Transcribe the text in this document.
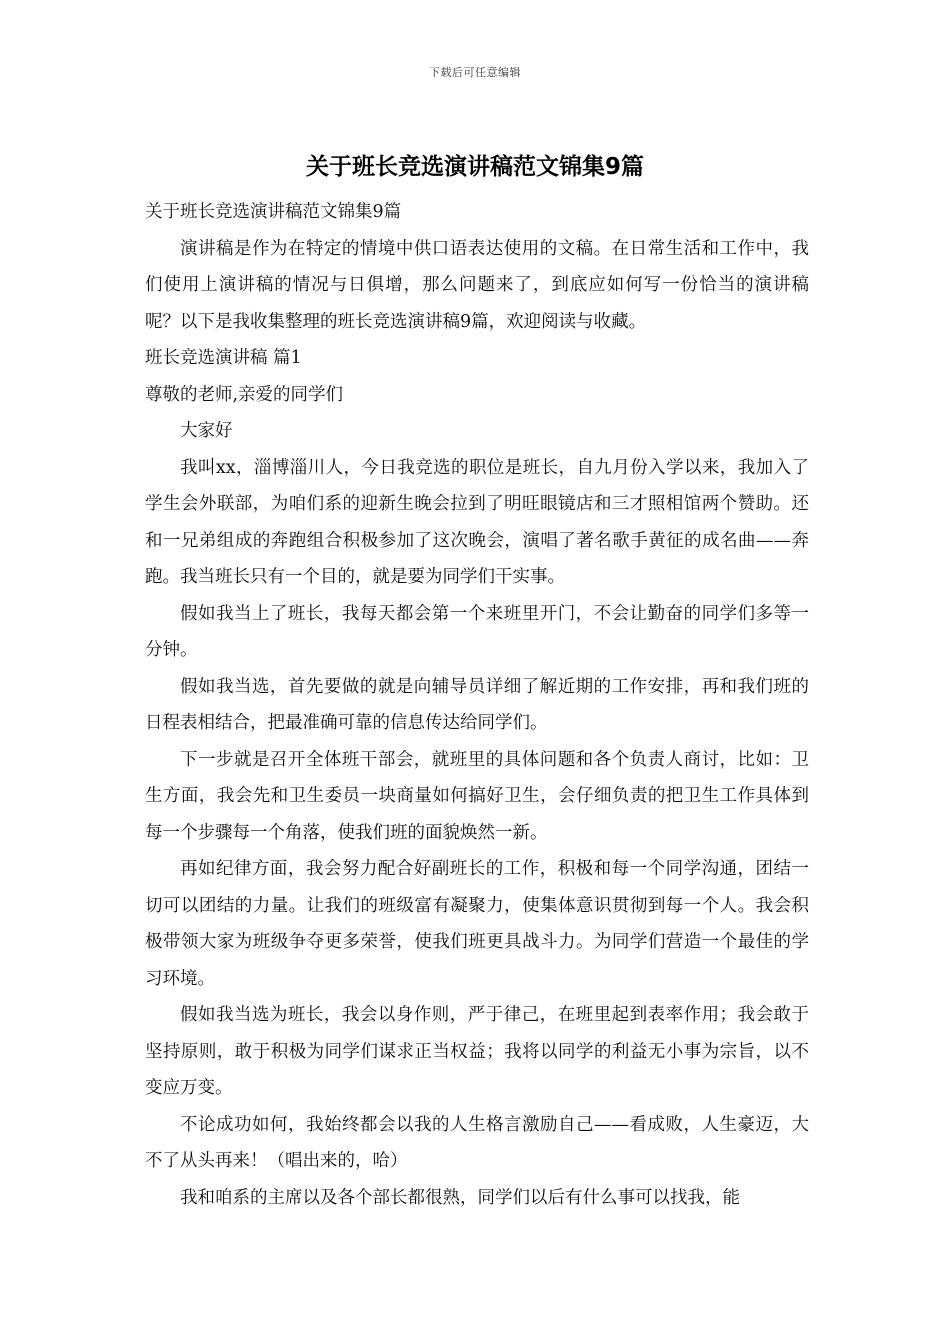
下载后可任意编辑
关于班长竞选演讲稿范文锦集9篇

关于班长竞选演讲稿范文锦集9篇

演讲稿是作为在特定的情境中供口语表达使用的文稿。在日常生活和工作中，我们使用上演讲稿的情况与日俱增，那么问题来了，到底应如何写一份恰当的演讲稿呢？以下是我收集整理的班长竞选演讲稿9篇，欢迎阅读与收藏。

班长竞选演讲稿 篇1

尊敬的老师,亲爱的同学们

大家好

我叫xx，淄博淄川人，今日我竞选的职位是班长，自九月份入学以来，我加入了学生会外联部，为咱们系的迎新生晚会拉到了明旺眼镜店和三才照相馆两个赞助。还和一兄弟组成的奔跑组合积极参加了这次晚会，演唱了著名歌手黄征的成名曲——奔跑。我当班长只有一个目的，就是要为同学们干实事。

假如我当上了班长，我每天都会第一个来班里开门，不会让勤奋的同学们多等一分钟。

假如我当选，首先要做的就是向辅导员详细了解近期的工作安排，再和我们班的日程表相结合，把最准确可靠的信息传达给同学们。

下一步就是召开全体班干部会，就班里的具体问题和各个负责人商讨，比如：卫生方面，我会先和卫生委员一块商量如何搞好卫生，会仔细负责的把卫生工作具体到每一个步骤每一个角落，使我们班的面貌焕然一新。

再如纪律方面，我会努力配合好副班长的工作，积极和每一个同学沟通，团结一切可以团结的力量。让我们的班级富有凝聚力，使集体意识贯彻到每一个人。我会积极带领大家为班级争夺更多荣誉，使我们班更具战斗力。为同学们营造一个最佳的学习环境。

假如我当选为班长，我会以身作则，严于律己，在班里起到表率作用；我会敢于坚持原则，敢于积极为同学们谋求正当权益；我将以同学的利益无小事为宗旨，以不变应万变。

不论成功如何，我始终都会以我的人生格言激励自己——看成败，人生豪迈，大不了从头再来！（唱出来的，哈）

我和咱系的主席以及各个部长都很熟，同学们以后有什么事可以找我，能
